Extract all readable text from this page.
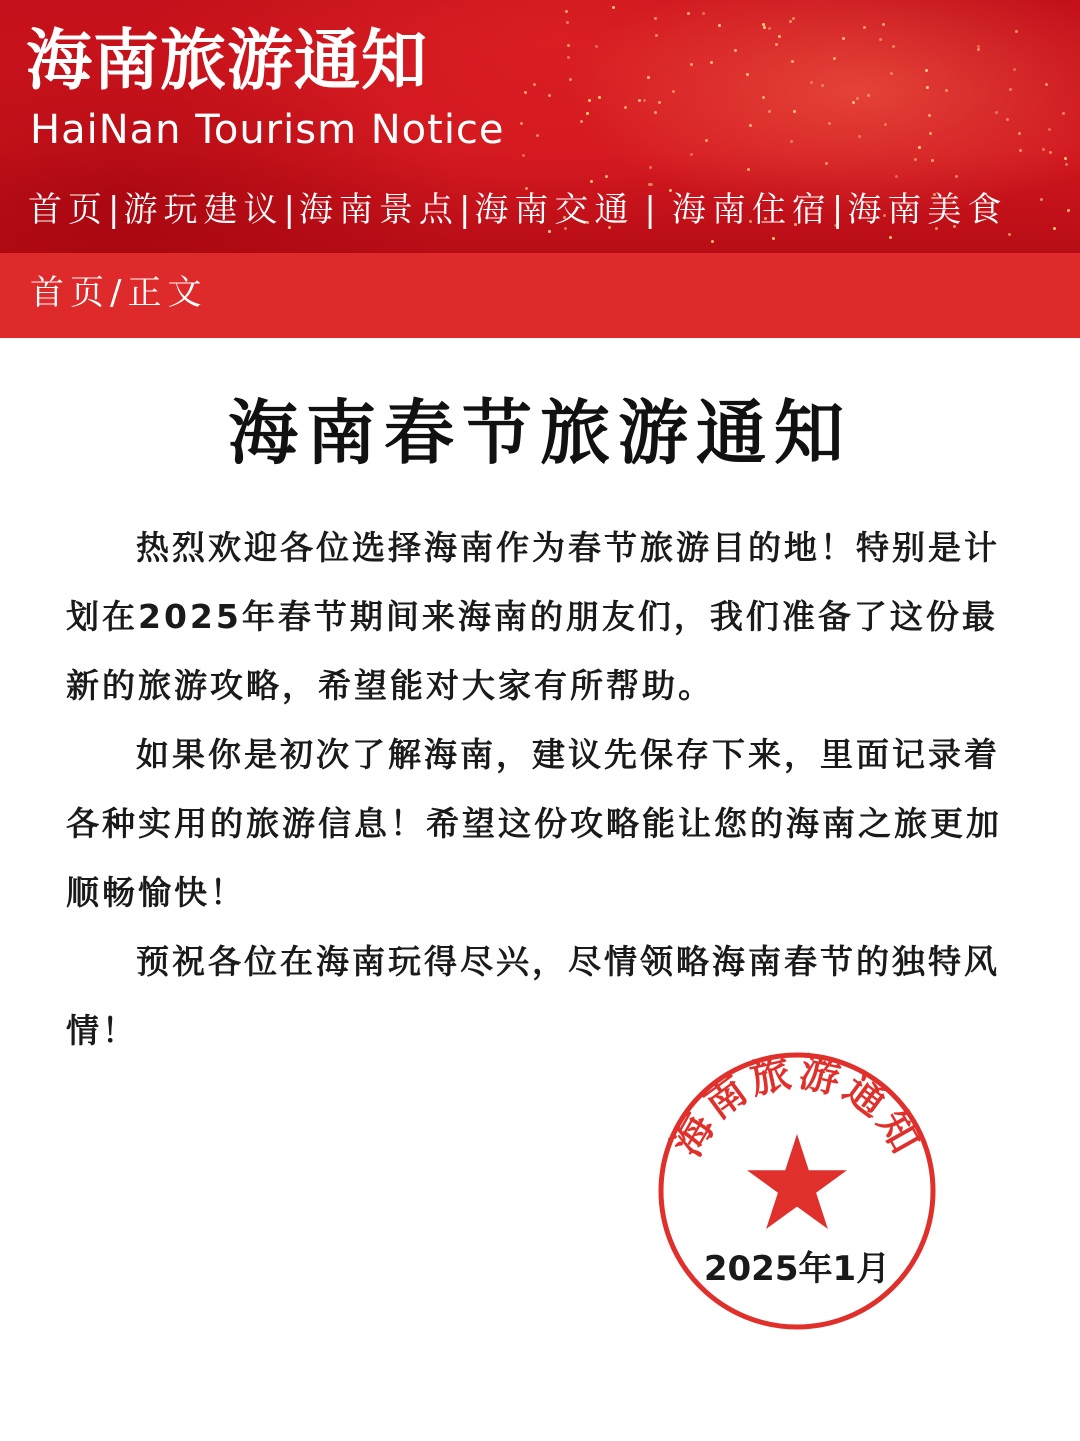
海南旅游通知
HaiNan Tourism Notice
首页 | 游玩建议 | 海南景点 | 海南交通 | 海南住宿 | 海南美食
首页/正文
海南春节旅游通知

热烈欢迎各位选择海南作为春节旅游目的地！特别是计划在2025年春节期间来海南的朋友们，我们准备了这份最新的旅游攻略，希望能对大家有所帮助。

如果你是初次了解海南，建议先保存下来，里面记录着各种实用的旅游信息！希望这份攻略能让您的海南之旅更加顺畅愉快！

预祝各位在海南玩得尽兴，尽情领略海南春节的独特风情！

海南旅游通知
2025年1月
